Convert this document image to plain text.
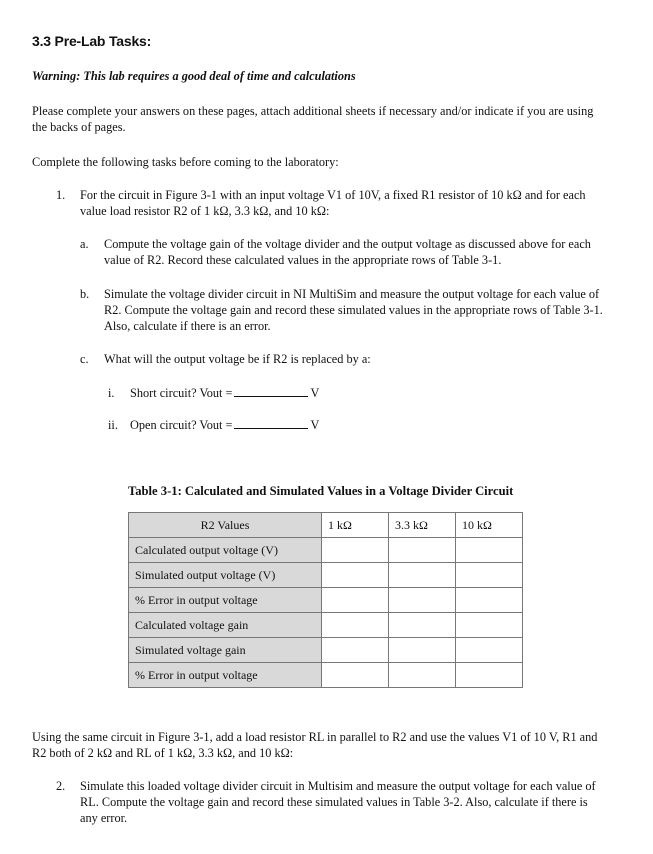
3.3 Pre-Lab Tasks:
Warning: This lab requires a good deal of time and calculations
Please complete your answers on these pages, attach additional sheets if necessary and/or indicate if you are using
the backs of pages.
Complete the following tasks before coming to the laboratory:
1. For the circuit in Figure 3-1 with an input voltage V1 of 10V, a fixed R1 resistor of 10 kΩ and for each
value load resistor R2 of 1 kΩ, 3.3 kΩ, and 10 kΩ:
a. Compute the voltage gain of the voltage divider and the output voltage as discussed above for each
value of R2. Record these calculated values in the appropriate rows of Table 3-1.
b. Simulate the voltage divider circuit in NI MultiSim and measure the output voltage for each value of
R2. Compute the voltage gain and record these simulated values in the appropriate rows of Table 3-1.
Also, calculate if there is an error.
c. What will the output voltage be if R2 is replaced by a:
i. Short circuit? Vout =	V
ii. Open circuit? Vout =	V
Table 3-1: Calculated and Simulated Values in a Voltage Divider Circuit
R2 Values	1 kΩ	3.3 kΩ	10 kΩ
Calculated output voltage (V)			
Simulated output voltage (V)			
% Error in output voltage			
Calculated voltage gain			
Simulated voltage gain			
% Error in output voltage			
Using the same circuit in Figure 3-1, add a load resistor RL in parallel to R2 and use the values V1 of 10 V, R1 and
R2 both of 2 kΩ and RL of 1 kΩ, 3.3 kΩ, and 10 kΩ:
2. Simulate this loaded voltage divider circuit in Multisim and measure the output voltage for each value of
RL. Compute the voltage gain and record these simulated values in Table 3-2. Also, calculate if there is
any error.
